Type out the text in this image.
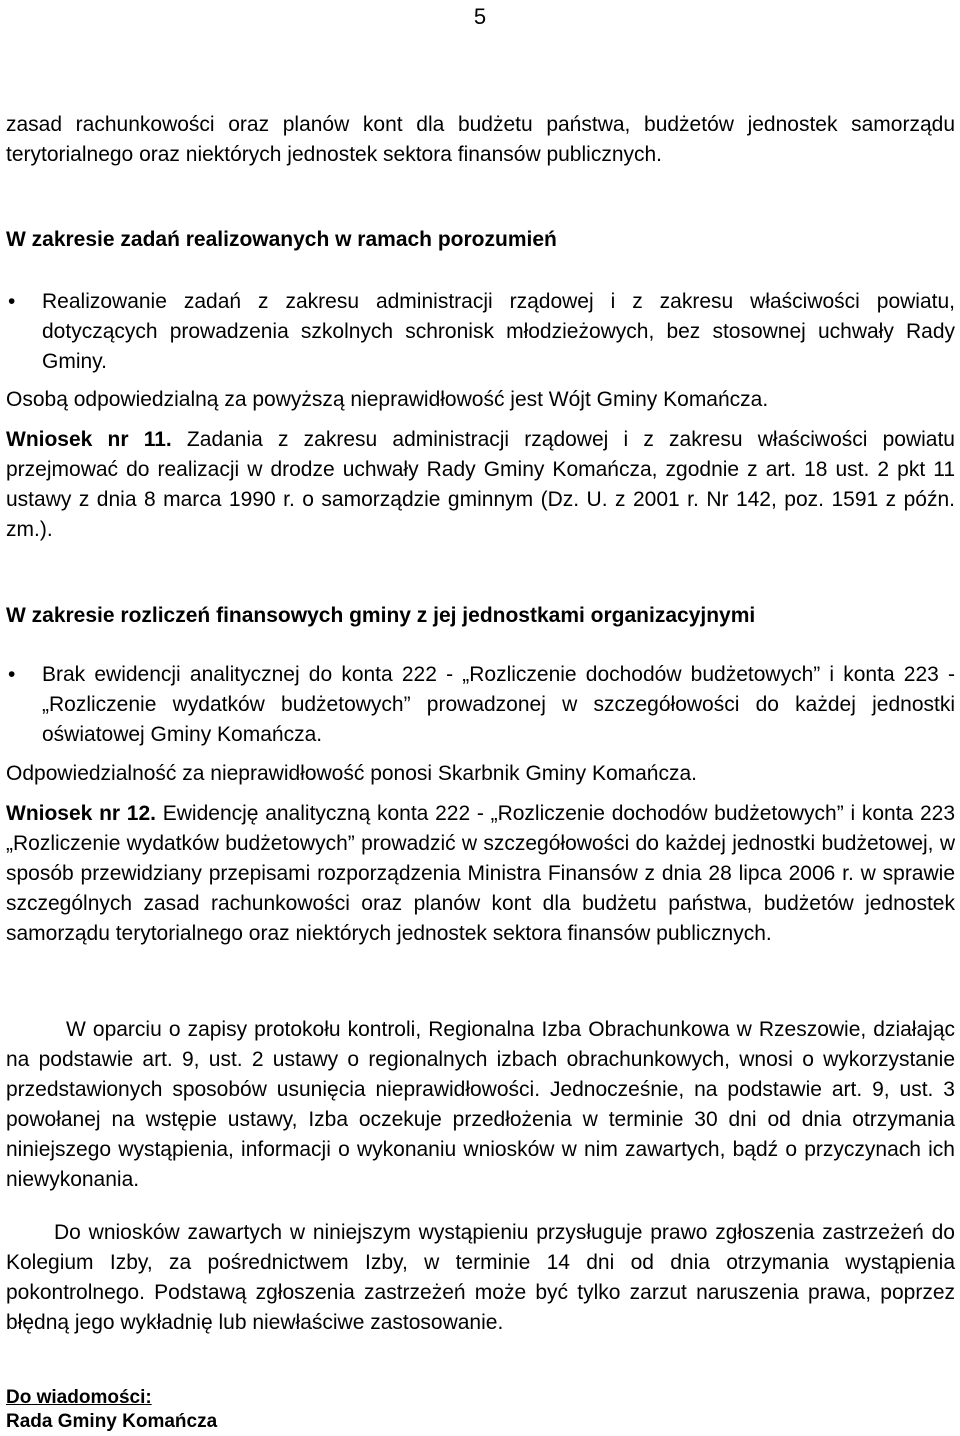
5
zasad rachunkowości oraz planów kont dla budżetu państwa, budżetów jednostek samorządu terytorialnego oraz niektórych jednostek sektora finansów publicznych.
W zakresie zadań realizowanych w ramach porozumień
• Realizowanie zadań z zakresu administracji rządowej i z zakresu właściwości powiatu, dotyczących prowadzenia szkolnych schronisk młodzieżowych, bez stosownej uchwały Rady Gminy.
Osobą odpowiedzialną za powyższą nieprawidłowość jest Wójt Gminy Komańcza.
Wniosek nr 11. Zadania z zakresu administracji rządowej i z zakresu właściwości powiatu przejmować do realizacji w drodze uchwały Rady Gminy Komańcza, zgodnie z art. 18 ust. 2 pkt 11 ustawy z dnia 8 marca 1990 r. o samorządzie gminnym (Dz. U. z 2001 r. Nr 142, poz. 1591 z późn. zm.).
W zakresie rozliczeń finansowych gminy z jej jednostkami organizacyjnymi
• Brak ewidencji analitycznej do konta 222 - „Rozliczenie dochodów budżetowych” i konta 223 - „Rozliczenie wydatków budżetowych” prowadzonej w szczegółowości do każdej jednostki oświatowej Gminy Komańcza.
Odpowiedzialność za nieprawidłowość ponosi Skarbnik Gminy Komańcza.
Wniosek nr 12. Ewidencję analityczną konta 222 - „Rozliczenie dochodów budżetowych” i konta 223 „Rozliczenie wydatków budżetowych” prowadzić w szczegółowości do każdej jednostki budżetowej, w sposób przewidziany przepisami rozporządzenia Ministra Finansów z dnia 28 lipca 2006 r. w sprawie szczególnych zasad rachunkowości oraz planów kont dla budżetu państwa, budżetów jednostek samorządu terytorialnego oraz niektórych jednostek sektora finansów publicznych.

W oparciu o zapisy protokołu kontroli, Regionalna Izba Obrachunkowa w Rzeszowie, działając na podstawie art. 9, ust. 2 ustawy o regionalnych izbach obrachunkowych, wnosi o wykorzystanie przedstawionych sposobów usunięcia nieprawidłowości. Jednocześnie, na podstawie art. 9, ust. 3 powołanej na wstępie ustawy, Izba oczekuje przedłożenia w terminie 30 dni od dnia otrzymania niniejszego wystąpienia, informacji o wykonaniu wniosków w nim zawartych, bądź o przyczynach ich niewykonania.

Do wniosków zawartych w niniejszym wystąpieniu przysługuje prawo zgłoszenia zastrzeżeń do Kolegium Izby, za pośrednictwem Izby, w terminie 14 dni od dnia otrzymania wystąpienia pokontrolnego. Podstawą zgłoszenia zastrzeżeń może być tylko zarzut naruszenia prawa, poprzez błędną jego wykładnię lub niewłaściwe zastosowanie.

Do wiadomości:
Rada Gminy Komańcza
